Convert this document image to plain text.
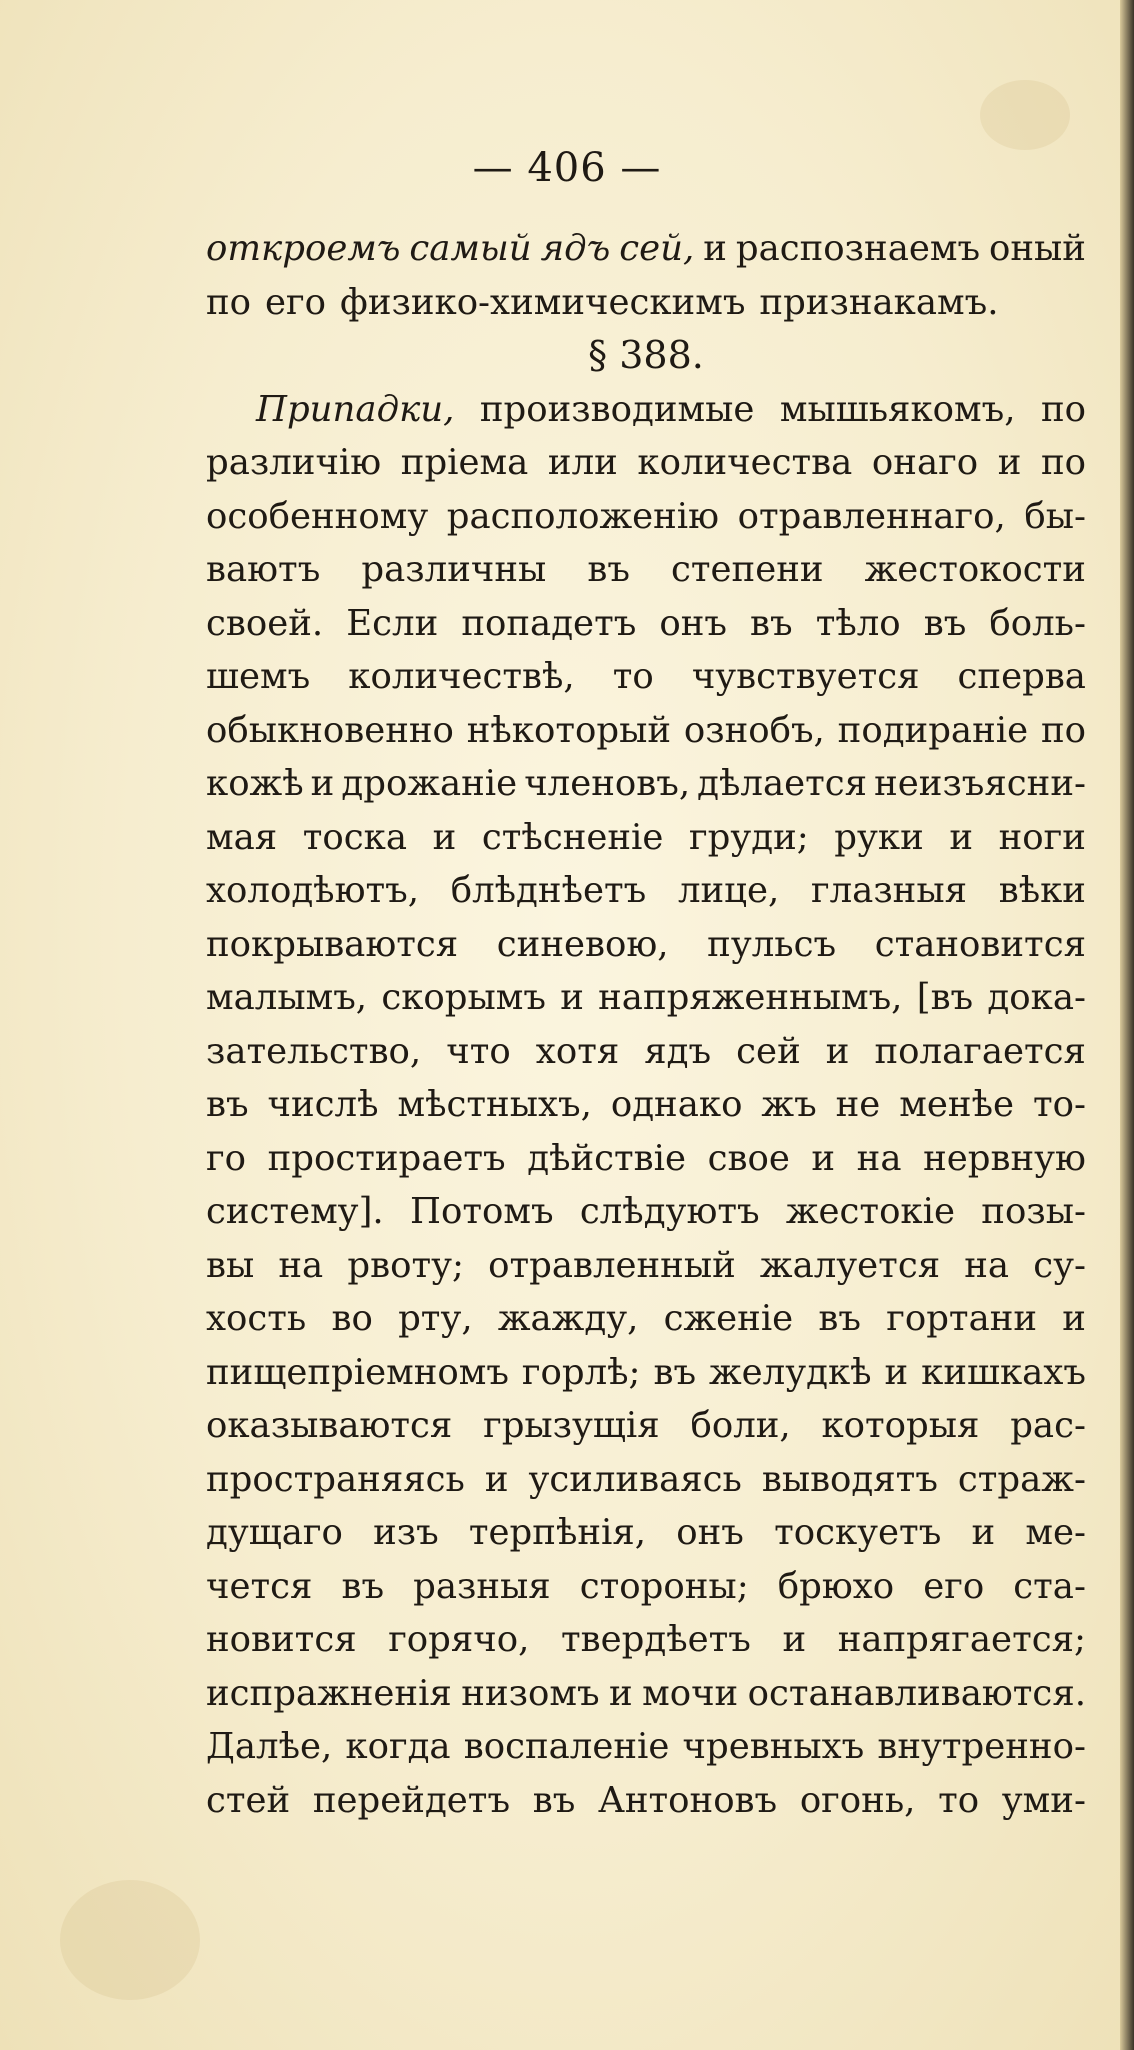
— 406 —
откроемъ самый ядъ сей, и распознаемъ оный
по его физико-химическимъ признакамъ.
§ 388.
Припадки, производимые мышьякомъ, по
различію пріема или количества онаго и по
особенному расположенію отравленнаго, бы-
ваютъ различны въ степени жестокости
своей. Если попадетъ онъ въ тѣло въ боль-
шемъ количествѣ, то чувствуется сперва
обыкновенно нѣкоторый ознобъ, подираніе по
кожѣ и дрожаніе членовъ, дѣлается неизъясни-
мая тоска и стѣсненіе груди; руки и ноги
холодѣютъ, блѣднѣетъ лице, глазныя вѣки
покрываются синевою, пульсъ становится
малымъ, скорымъ и напряженнымъ, [въ дока-
зательство, что хотя ядъ сей и полагается
въ числѣ мѣстныхъ, однако жъ не менѣе то-
го простираетъ дѣйствіе свое и на нервную
систему]. Потомъ слѣдуютъ жестокіе позы-
вы на рвоту; отравленный жалуется на су-
хость во рту, жажду, сженіе въ гортани и
пищепріемномъ горлѣ; въ желудкѣ и кишкахъ
оказываются грызущія боли, которыя рас-
пространяясь и усиливаясь выводятъ страж-
дущаго изъ терпѣнія, онъ тоскуетъ и ме-
чется въ разныя стороны; брюхо его ста-
новится горячо, твердѣетъ и напрягается;
испражненія низомъ и мочи останавливаются.
Далѣе, когда воспаленіе чревныхъ внутренно-
стей перейдетъ въ Антоновъ огонь, то уми-
